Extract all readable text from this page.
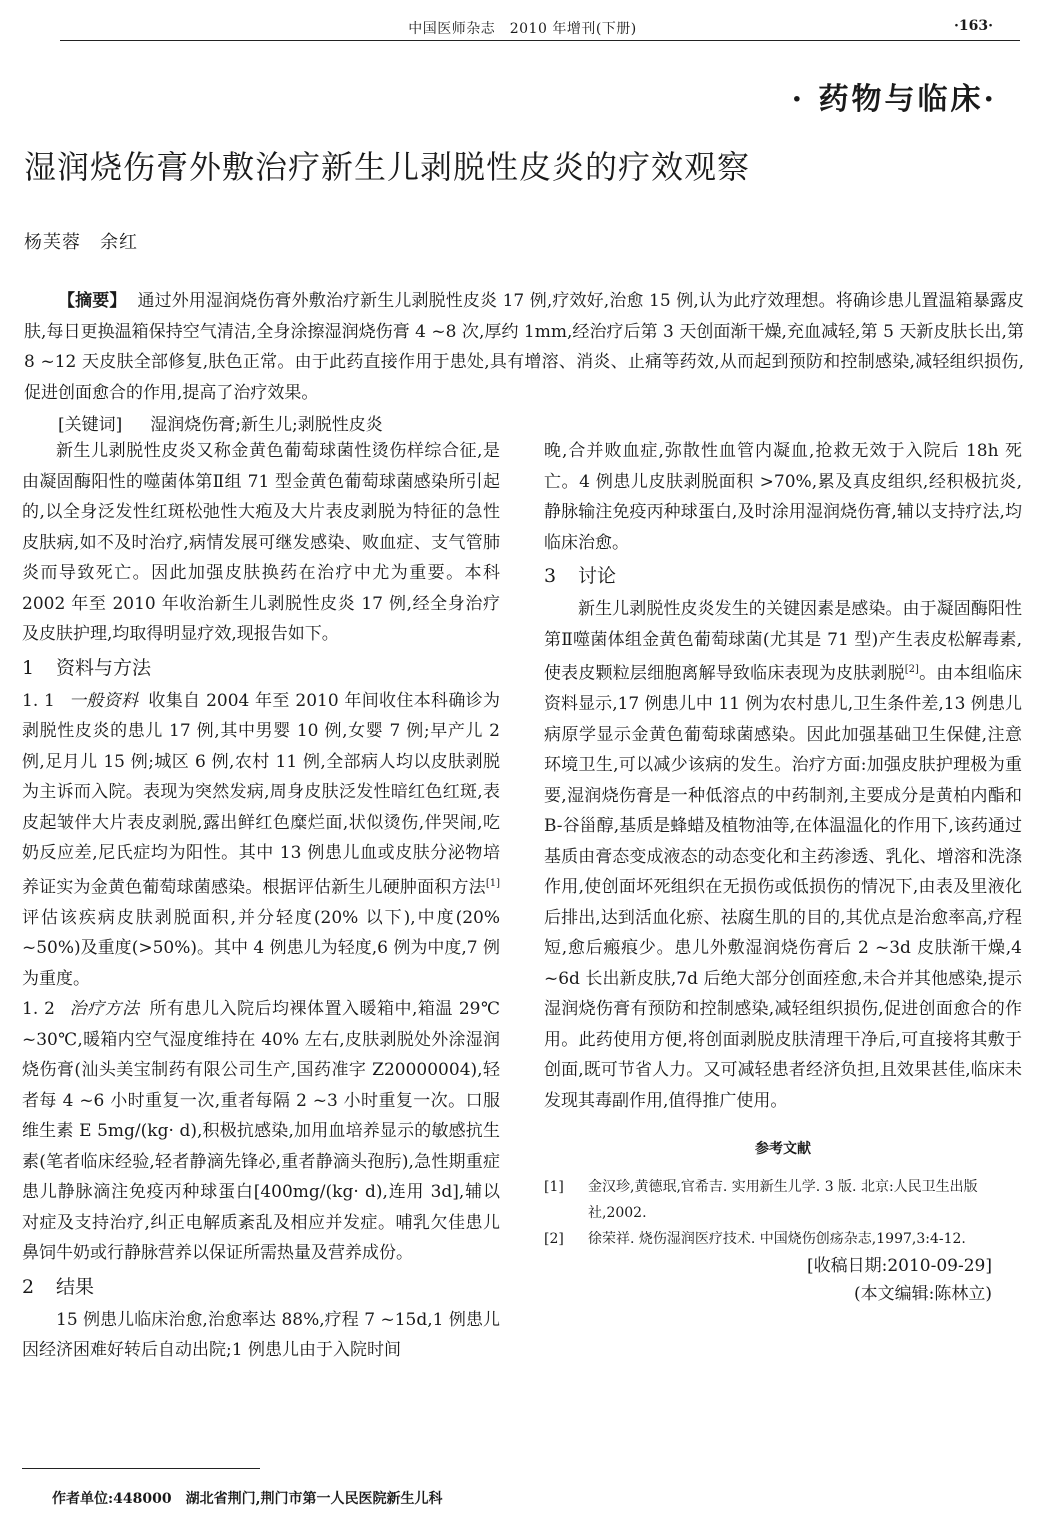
中国医师杂志　2010 年增刊(下册)	·163·
· 药物与临床·
湿润烧伤膏外敷治疗新生儿剥脱性皮炎的疗效观察
杨芙蓉　余红

【摘要】 通过外用湿润烧伤膏外敷治疗新生儿剥脱性皮炎 17 例,疗效好,治愈 15 例,认为此疗效理想。将确诊患儿置温箱暴露皮肤,每日更换温箱保持空气清洁,全身涂擦湿润烧伤膏 4 ~8 次,厚约 1mm,经治疗后第 3 天创面渐干燥,充血减轻,第 5 天新皮肤长出,第 8 ~12 天皮肤全部修复,肤色正常。由于此药直接作用于患处,具有增溶、消炎、止痛等药效,从而起到预防和控制感染,减轻组织损伤,促进创面愈合的作用,提高了治疗效果。

[关键词] 湿润烧伤膏;新生儿;剥脱性皮炎

新生儿剥脱性皮炎又称金黄色葡萄球菌性烫伤样综合征,是由凝固酶阳性的噬菌体第Ⅱ组 71 型金黄色葡萄球菌感染所引起的,以全身泛发性红斑松弛性大疱及大片表皮剥脱为特征的急性皮肤病,如不及时治疗,病情发展可继发感染、败血症、支气管肺炎而导致死亡。因此加强皮肤换药在治疗中尤为重要。本科 2002 年至 2010 年收治新生儿剥脱性皮炎 17 例,经全身治疗及皮肤护理,均取得明显疗效,现报告如下。

1 资料与方法

1. 1 一般资料 收集自 2004 年至 2010 年间收住本科确诊为剥脱性皮炎的患儿 17 例,其中男婴 10 例,女婴 7 例;早产儿 2 例,足月儿 15 例;城区 6 例,农村 11 例,全部病人均以皮肤剥脱为主诉而入院。表现为突然发病,周身皮肤泛发性暗红色红斑,表皮起皱伴大片表皮剥脱,露出鲜红色糜烂面,状似烫伤,伴哭闹,吃奶反应差,尼氏症均为阳性。其中 13 例患儿血或皮肤分泌物培养证实为金黄色葡萄球菌感染。根据评估新生儿硬肿面积方法[1]评估该疾病皮肤剥脱面积,并分轻度(20% 以下),中度(20% ~50%)及重度(>50%)。其中 4 例患儿为轻度,6 例为中度,7 例为重度。

1. 2 治疗方法 所有患儿入院后均裸体置入暖箱中,箱温 29℃ ~30℃,暖箱内空气湿度维持在 40% 左右,皮肤剥脱处外涂湿润烧伤膏(汕头美宝制药有限公司生产,国药准字 Z20000004),轻者每 4 ~6 小时重复一次,重者每隔 2 ~3 小时重复一次。口服维生素 E 5mg/(kg· d),积极抗感染,加用血培养显示的敏感抗生素(笔者临床经验,轻者静滴先锋必,重者静滴头孢肟),急性期重症患儿静脉滴注免疫丙种球蛋白[400mg/(kg· d),连用 3d],辅以对症及支持治疗,纠正电解质紊乱及相应并发症。哺乳欠佳患儿鼻饲牛奶或行静脉营养以保证所需热量及营养成份。

2 结果

15 例患儿临床治愈,治愈率达 88%,疗程 7 ~15d,1 例患儿因经济困难好转后自动出院;1 例患儿由于入院时间

晚,合并败血症,弥散性血管内凝血,抢救无效于入院后 18h 死亡。4 例患儿皮肤剥脱面积 >70%,累及真皮组织,经积极抗炎,静脉输注免疫丙种球蛋白,及时涂用湿润烧伤膏,辅以支持疗法,均临床治愈。

3 讨论

新生儿剥脱性皮炎发生的关键因素是感染。由于凝固酶阳性第Ⅱ噬菌体组金黄色葡萄球菌(尤其是 71 型)产生表皮松解毒素,使表皮颗粒层细胞离解导致临床表现为皮肤剥脱[2]。由本组临床资料显示,17 例患儿中 11 例为农村患儿,卫生条件差,13 例患儿病原学显示金黄色葡萄球菌感染。因此加强基础卫生保健,注意环境卫生,可以减少该病的发生。治疗方面:加强皮肤护理极为重要,湿润烧伤膏是一种低溶点的中药制剂,主要成分是黄柏内酯和 B-谷甾醇,基质是蜂蜡及植物油等,在体温温化的作用下,该药通过基质由膏态变成液态的动态变化和主药渗透、乳化、增溶和洗涤作用,使创面坏死组织在无损伤或低损伤的情况下,由表及里液化后排出,达到活血化瘀、祛腐生肌的目的,其优点是治愈率高,疗程短,愈后瘢痕少。患儿外敷湿润烧伤膏后 2 ~3d 皮肤渐干燥,4 ~6d 长出新皮肤,7d 后绝大部分创面痊愈,未合并其他感染,提示湿润烧伤膏有预防和控制感染,减轻组织损伤,促进创面愈合的作用。此药使用方便,将创面剥脱皮肤清理干净后,可直接将其敷于创面,既可节省人力。又可减轻患者经济负担,且效果甚佳,临床未发现其毒副作用,值得推广使用。

参考文献
[1]	金汉珍,黄德珉,官希吉. 实用新生儿学. 3 版. 北京:人民卫生出版社,2002.
[2]	徐荣祥. 烧伤湿润医疗技术. 中国烧伤创疡杂志,1997,3:4-12.
[收稿日期:2010-09-29]
(本文编辑:陈林立)
作者单位:448000　湖北省荆门,荆门市第一人民医院新生儿科
